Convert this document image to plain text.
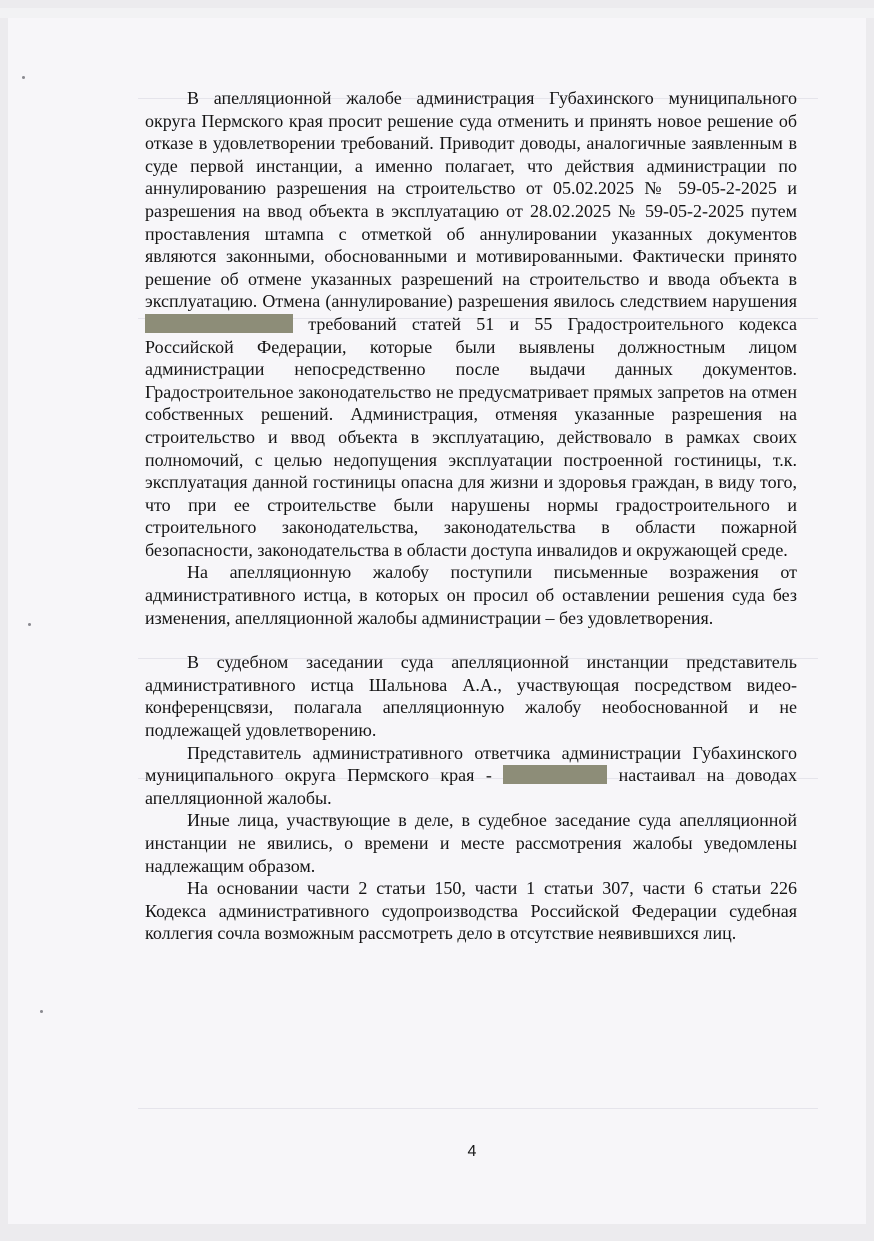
В апелляционной жалобе администрация Губахинского муниципального округа Пермского края просит решение суда отменить и принять новое решение об отказе в удовлетворении требований. Приводит доводы, аналогичные заявленным в суде первой инстанции, а именно полагает, что действия администрации по аннулированию разрешения на строительство от 05.02.2025 № 59-05-2-2025 и разрешения на ввод объекта в эксплуатацию от 28.02.2025 № 59-05-2-2025 путем проставления штампа с отметкой об аннулировании указанных документов являются законными, обоснованными и мотивированными. Фактически принято решение об отмене указанных разрешений на строительство и ввода объекта в эксплуатацию. Отмена (аннулирование) разрешения явилось следствием нарушения  требований статей 51 и 55 Градостроительного кодекса Российской Федерации, которые были выявлены должностным лицом администрации непосредственно после выдачи данных документов. Градостроительное законодательство не предусматривает прямых запретов на отмен собственных решений. Администрация, отменяя указанные разрешения на строительство и ввод объекта в эксплуатацию, действовало в рамках своих полномочий, с целью недопущения эксплуатации построенной гостиницы, т.к. эксплуатация данной гостиницы опасна для жизни и здоровья граждан, в виду того, что при ее строительстве были нарушены нормы градостроительного и строительного законодательства, законодательства в области пожарной безопасности, законодательства в области доступа инвалидов и окружающей среде.

На апелляционную жалобу поступили письменные возражения от административного истца, в которых он просил об оставлении решения суда без изменения, апелляционной жалобы администрации – без удовлетворения.

В судебном заседании суда апелляционной инстанции представитель административного истца Шальнова А.А., участвующая посредством видео-конференцсвязи, полагала апелляционную жалобу необоснованной и не подлежащей удовлетворению.

Представитель административного ответчика администрации Губахинского муниципального округа Пермского края -	настаивал на доводах апелляционной жалобы.

Иные лица, участвующие в деле, в судебное заседание суда апелляционной инстанции не явились, о времени и месте рассмотрения жалобы уведомлены надлежащим образом.

На основании части 2 статьи 150, части 1 статьи 307, части 6 статьи 226 Кодекса административного судопроизводства Российской Федерации судебная коллегия сочла возможным рассмотреть дело в отсутствие неявившихся лиц.

4
